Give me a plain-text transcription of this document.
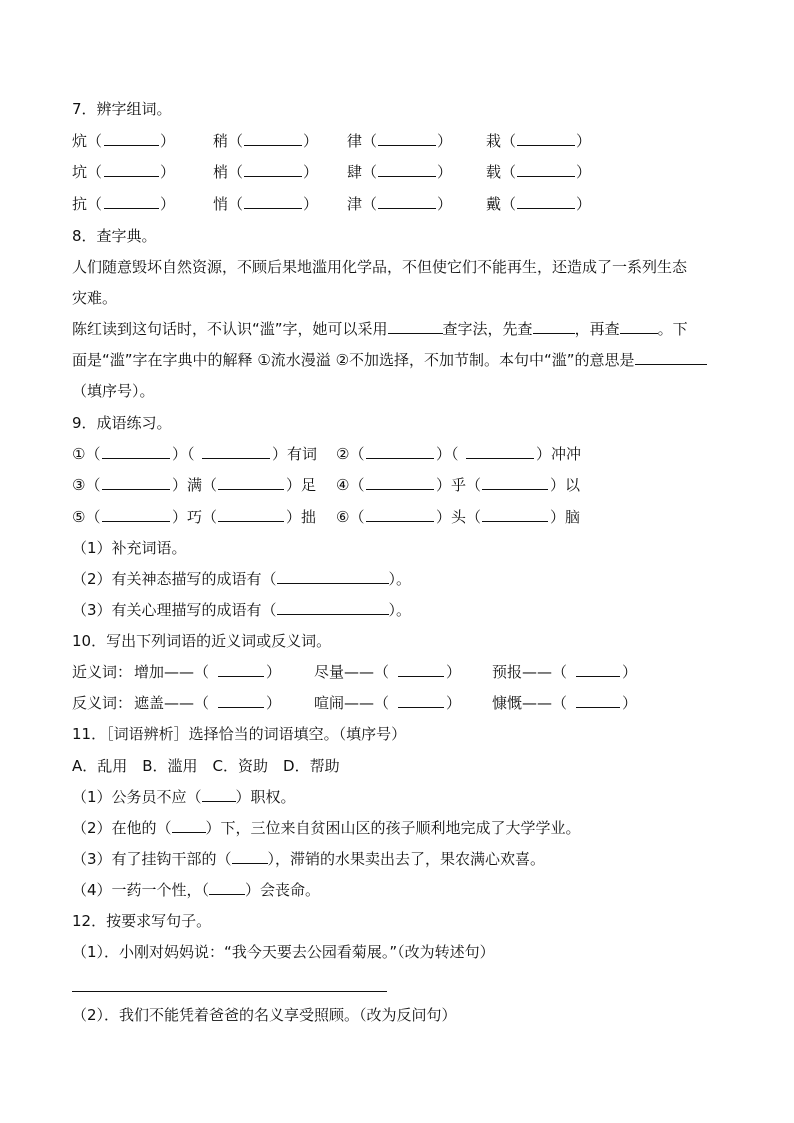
7．辨字组词。
炕（	）	稍（	） 律（	） 栽（	）
坑（	）	梢（	） 肆（	） 载（	）
抗（	）	悄（	） 津（	） 戴（	）
8．查字典。
人们随意毁坏自然资源，不顾后果地滥用化学品，不但使它们不能再生，还造成了一系列生态
灾难。
陈红读到这句话时，不认识“滥”字，她可以采用	查字法，先查	，再查	。下
面是“滥”字在字典中的解释 ①流水漫溢 ②不加选择，不加节制。本句中“滥”的意思是
（填序号）。
9．成语练习。
①（	）（	）有词 ②（	）（	）冲冲
③（	）满（	）足 ④（	）乎（	）以
⑤（	）巧（	）拙 ⑥（	）头（	）脑
（1）补充词语。
（2）有关神态描写的成语有（	）。
（3）有关心理描写的成语有（	）。
10．写出下列词语的近义词或反义词。
近义词： 增加——（	） 尽量——（	） 预报——（	）
反义词： 遮盖——（	） 喧闹——（	） 慷慨——（	）
11．［词语辨析］选择恰当的词语填空。（填序号）
A．乱用　B．滥用　C．资助　D．帮助
（1）公务员不应（ ）职权。
（2）在他的（ ）下，三位来自贫困山区的孩子顺利地完成了大学学业。
（3）有了挂钩干部的（ ），滞销的水果卖出去了，果农满心欢喜。
（4）一药一个性，（ ）会丧命。
12．按要求写句子。
（1）．小刚对妈妈说：“我今天要去公园看菊展。”（改为转述句）
（2）．我们不能凭着爸爸的名义享受照顾。（改为反问句）
